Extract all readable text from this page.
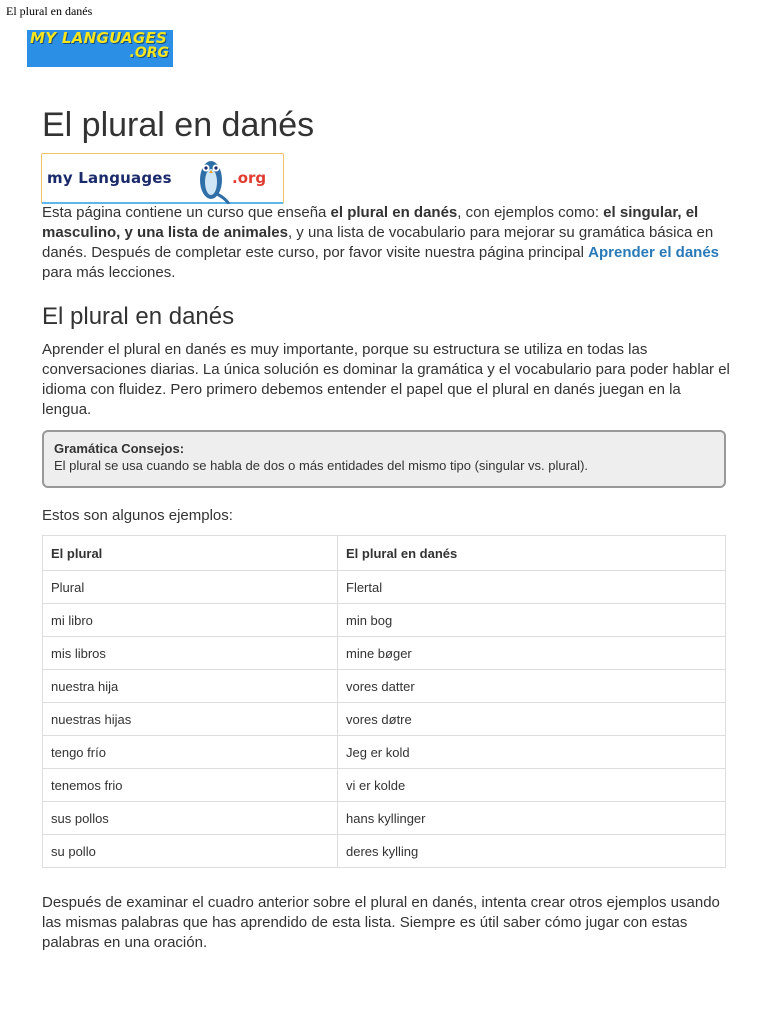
El plural en danés
MY LANGUAGES
.ORG
El plural en danés
my Languages	.org

Esta página contiene un curso que enseña el plural en danés, con ejemplos como: el singular, el masculino, y una lista de animales, y una lista de vocabulario para mejorar su gramática básica en danés. Después de completar este curso, por favor visite nuestra página principal Aprender el danés para más lecciones.

El plural en danés

Aprender el plural en danés es muy importante, porque su estructura se utiliza en todas las conversaciones diarias. La única solución es dominar la gramática y el vocabulario para poder hablar el idioma con fluidez. Pero primero debemos entender el papel que el plural en danés juegan en la lengua.

Gramática Consejos:
El plural se usa cuando se habla de dos o más entidades del mismo tipo (singular vs. plural).

Estos son algunos ejemplos:

El plural	El plural en danés
Plural	Flertal
mi libro	min bog
mis libros	mine bøger
nuestra hija	vores datter
nuestras hijas	vores døtre
tengo frío	Jeg er kold
tenemos frio	vi er kolde
sus pollos	hans kyllinger
su pollo	deres kylling

Después de examinar el cuadro anterior sobre el plural en danés, intenta crear otros ejemplos usando las mismas palabras que has aprendido de esta lista. Siempre es útil saber cómo jugar con estas palabras en una oración.
